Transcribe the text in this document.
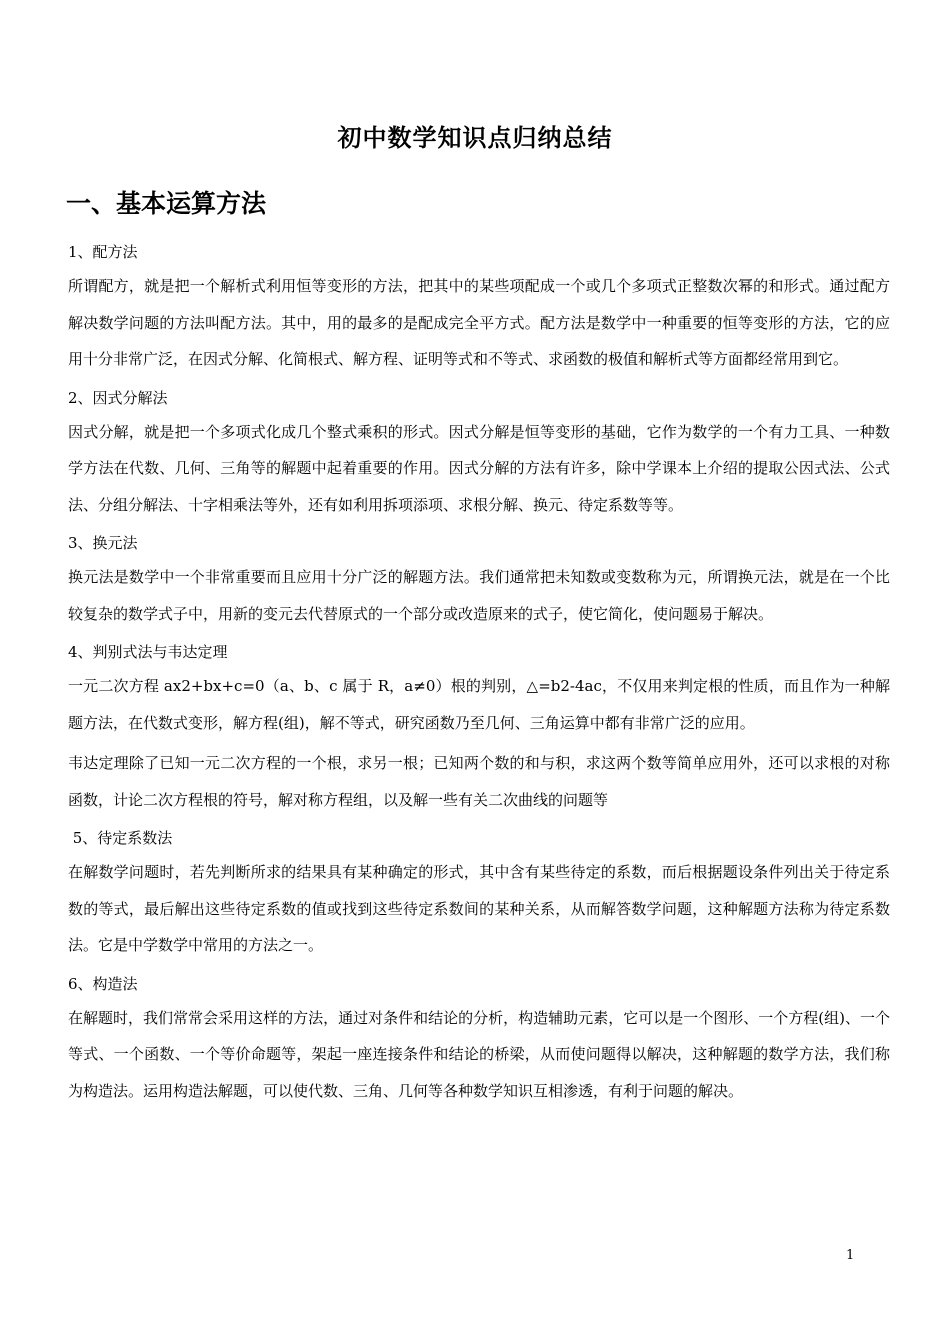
初中数学知识点归纳总结
一、基本运算方法

1、配方法

所谓配方，就是把一个解析式利用恒等变形的方法，把其中的某些项配成一个或几个多项式正整数次幂的和形式。通过配方解决数学问题的方法叫配方法。其中，用的最多的是配成完全平方式。配方法是数学中一种重要的恒等变形的方法，它的应用十分非常广泛，在因式分解、化简根式、解方程、证明等式和不等式、求函数的极值和解析式等方面都经常用到它。

2、因式分解法

因式分解，就是把一个多项式化成几个整式乘积的形式。因式分解是恒等变形的基础，它作为数学的一个有力工具、一种数学方法在代数、几何、三角等的解题中起着重要的作用。因式分解的方法有许多，除中学课本上介绍的提取公因式法、公式法、分组分解法、十字相乘法等外，还有如利用拆项添项、求根分解、换元、待定系数等等。

3、换元法

换元法是数学中一个非常重要而且应用十分广泛的解题方法。我们通常把未知数或变数称为元，所谓换元法，就是在一个比较复杂的数学式子中，用新的变元去代替原式的一个部分或改造原来的式子，使它简化，使问题易于解决。

4、判别式法与韦达定理

一元二次方程 ax2+bx+c=0（a、b、c 属于 R，a≠0）根的判别，△=b2-4ac，不仅用来判定根的性质，而且作为一种解题方法，在代数式变形，解方程(组)，解不等式，研究函数乃至几何、三角运算中都有非常广泛的应用。

韦达定理除了已知一元二次方程的一个根，求另一根；已知两个数的和与积，求这两个数等简单应用外，还可以求根的对称函数，计论二次方程根的符号，解对称方程组，以及解一些有关二次曲线的问题等

5、待定系数法

在解数学问题时，若先判断所求的结果具有某种确定的形式，其中含有某些待定的系数，而后根据题设条件列出关于待定系数的等式，最后解出这些待定系数的值或找到这些待定系数间的某种关系，从而解答数学问题，这种解题方法称为待定系数法。它是中学数学中常用的方法之一。

6、构造法

在解题时，我们常常会采用这样的方法，通过对条件和结论的分析，构造辅助元素，它可以是一个图形、一个方程(组)、一个等式、一个函数、一个等价命题等，架起一座连接条件和结论的桥梁，从而使问题得以解决，这种解题的数学方法，我们称为构造法。运用构造法解题，可以使代数、三角、几何等各种数学知识互相渗透，有利于问题的解决。

1
